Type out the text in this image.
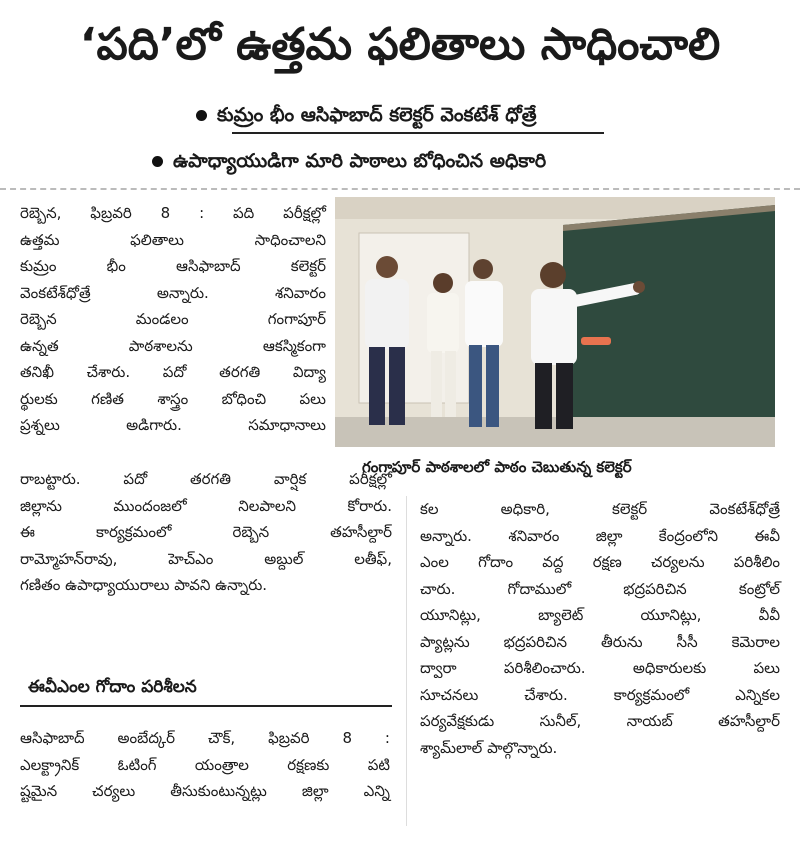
‘పది’లో ఉత్తమ ఫలితాలు సాధించాలి
కుమ్రం భీం ఆసిఫాబాద్ కలెక్టర్ వెంకటేశ్ ధోత్రే
ఉపాధ్యాయుడిగా మారి పాఠాలు బోధించిన అధికారి

రెబ్బెన, ఫిబ్రవరి 8 : పది పరీక్షల్లో

ఉత్తమ ఫలితాలు సాధించాలని

కుమ్రం భీం ఆసిఫాబాద్ కలెక్టర్

వెంకటేశ్‌ధోత్రే అన్నారు. శనివారం

రెబ్బెన మండలం గంగాపూర్

ఉన్నత పాఠశాలను ఆకస్మికంగా

తనిఖీ చేశారు. పదో తరగతి విద్యా

ర్థులకు గణిత శాస్త్రం బోధించి పలు

ప్రశ్నలు అడిగారు. సమాధానాలు

గంగాపూర్ పాఠశాలలో పాఠం చెబుతున్న కలెక్టర్

రాబట్టారు. పదో తరగతి వార్షిక పరీక్షల్లో

జిల్లాను ముందంజలో నిలపాలని కోరారు.

ఈ కార్యక్రమంలో రెబ్బెన తహసీల్దార్

రామ్మోహన్‌రావు, హెచ్ఎం అబ్దుల్ లతీఫ్,

గణితం ఉపాధ్యాయురాలు పావని ఉన్నారు.

ఈవీఎంల గోదాం పరిశీలన

ఆసిఫాబాద్ అంబేద్కర్ చౌక్, ఫిబ్రవరి 8 :

ఎలక్ట్రానిక్ ఓటింగ్ యంత్రాల రక్షణకు పటి

ష్టమైన చర్యలు తీసుకుంటున్నట్లు జిల్లా ఎన్ని

కల అధికారి, కలెక్టర్ వెంకటేశ్‌ధోత్రే

అన్నారు. శనివారం జిల్లా కేంద్రంలోని ఈవీ

ఎంల గోదాం వద్ద రక్షణ చర్యలను పరిశీలిం

చారు. గోదాములో భద్రపరిచిన కంట్రోల్

యూనిట్లు, బ్యాలెట్ యూనిట్లు, వీవీ

ప్యాట్లను భద్రపరిచిన తీరును సీసీ కెమెరాల

ద్వారా పరిశీలించారు. అధికారులకు పలు

సూచనలు చేశారు. కార్యక్రమంలో ఎన్నికల

పర్యవేక్షకుడు సునీల్, నాయబ్ తహసీల్దార్

శ్యామ్‌లాల్ పాల్గొన్నారు.
